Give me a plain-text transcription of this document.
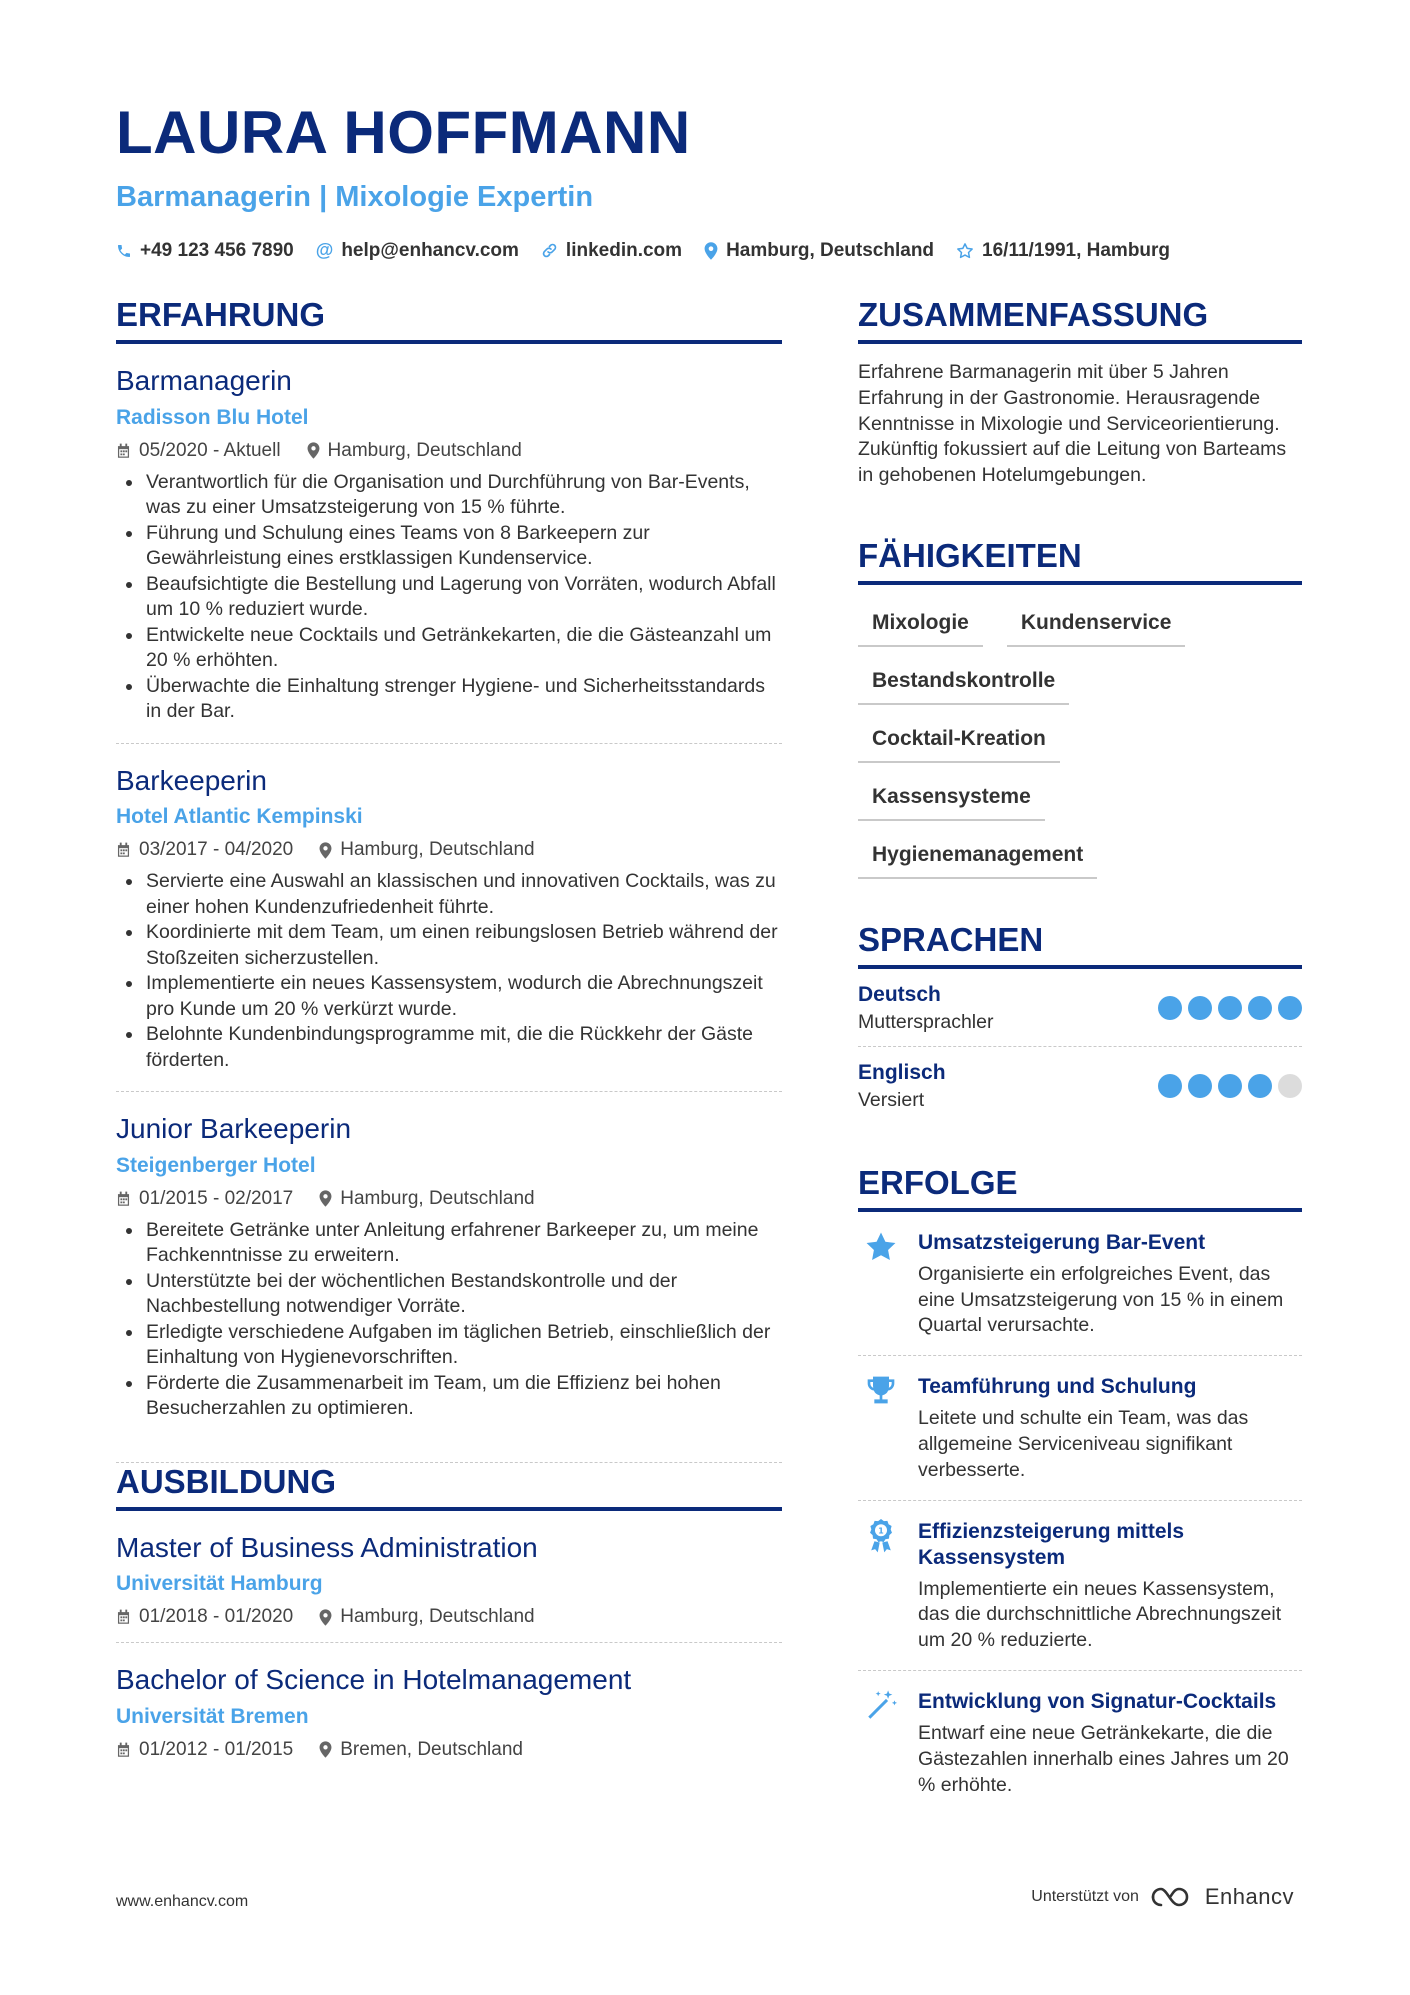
LAURA HOFFMANN
Barmanagerin | Mixologie Expertin
+49 123 456 7890 @ help@enhancv.com linkedin.com Hamburg, Deutschland	16/11/1991, Hamburg
ERFAHRUNG
Barmanagerin
Radisson Blu Hotel
05/2020 - Aktuell Hamburg, Deutschland
• Verantwortlich für die Organisation und Durchführung von Bar-Events, was zu einer Umsatzsteigerung von 15 % führte.
• Führung und Schulung eines Teams von 8 Barkeepern zur Gewährleistung eines erstklassigen Kundenservice.
• Beaufsichtigte die Bestellung und Lagerung von Vorräten, wodurch Abfall um 10 % reduziert wurde.
• Entwickelte neue Cocktails und Getränkekarten, die die Gästeanzahl um 20 % erhöhten.
• Überwachte die Einhaltung strenger Hygiene- und Sicherheitsstandards in der Bar.
Barkeeperin
Hotel Atlantic Kempinski
03/2017 - 04/2020 Hamburg, Deutschland
• Servierte eine Auswahl an klassischen und innovativen Cocktails, was zu einer hohen Kundenzufriedenheit führte.
• Koordinierte mit dem Team, um einen reibungslosen Betrieb während der Stoßzeiten sicherzustellen.
• Implementierte ein neues Kassensystem, wodurch die Abrechnungszeit pro Kunde um 20 % verkürzt wurde.
• Belohnte Kundenbindungsprogramme mit, die die Rückkehr der Gäste förderten.
Junior Barkeeperin
Steigenberger Hotel
01/2015 - 02/2017 Hamburg, Deutschland
• Bereitete Getränke unter Anleitung erfahrener Barkeeper zu, um meine Fachkenntnisse zu erweitern.
• Unterstützte bei der wöchentlichen Bestandskontrolle und der Nachbestellung notwendiger Vorräte.
• Erledigte verschiedene Aufgaben im täglichen Betrieb, einschließlich der Einhaltung von Hygienevorschriften.
• Förderte die Zusammenarbeit im Team, um die Effizienz bei hohen Besucherzahlen zu optimieren.
AUSBILDUNG
Master of Business Administration
Universität Hamburg
01/2018 - 01/2020 Hamburg, Deutschland
Bachelor of Science in Hotelmanagement
Universität Bremen
01/2012 - 01/2015 Bremen, Deutschland
ZUSAMMENFASSUNG
Erfahrene Barmanagerin mit über 5 Jahren Erfahrung in der Gastronomie. Herausragende Kenntnisse in Mixologie und Serviceorientierung. Zukünftig fokussiert auf die Leitung von Barteams in gehobenen Hotelumgebungen.
FÄHIGKEITEN
Mixologie	Kundenservice
Bestandskontrolle
Cocktail-Kreation
Kassensysteme
Hygienemanagement
SPRACHEN
Deutsch
Muttersprachler
Englisch
Versiert
ERFOLGE
Umsatzsteigerung Bar-Event
Organisierte ein erfolgreiches Event, das eine Umsatzsteigerung von 15 % in einem Quartal verursachte.
Teamführung und Schulung
Leitete und schulte ein Team, was das allgemeine Serviceniveau signifikant verbesserte.
1 Effizienzsteigerung mittels Kassensystem
Implementierte ein neues Kassensystem, das die durchschnittliche Abrechnungszeit um 20 % reduzierte.
Entwicklung von Signatur-Cocktails
Entwarf eine neue Getränkekarte, die die Gästezahlen innerhalb eines Jahres um 20 % erhöhte.
www.enhancv.com	Unterstützt von	Enhancv
